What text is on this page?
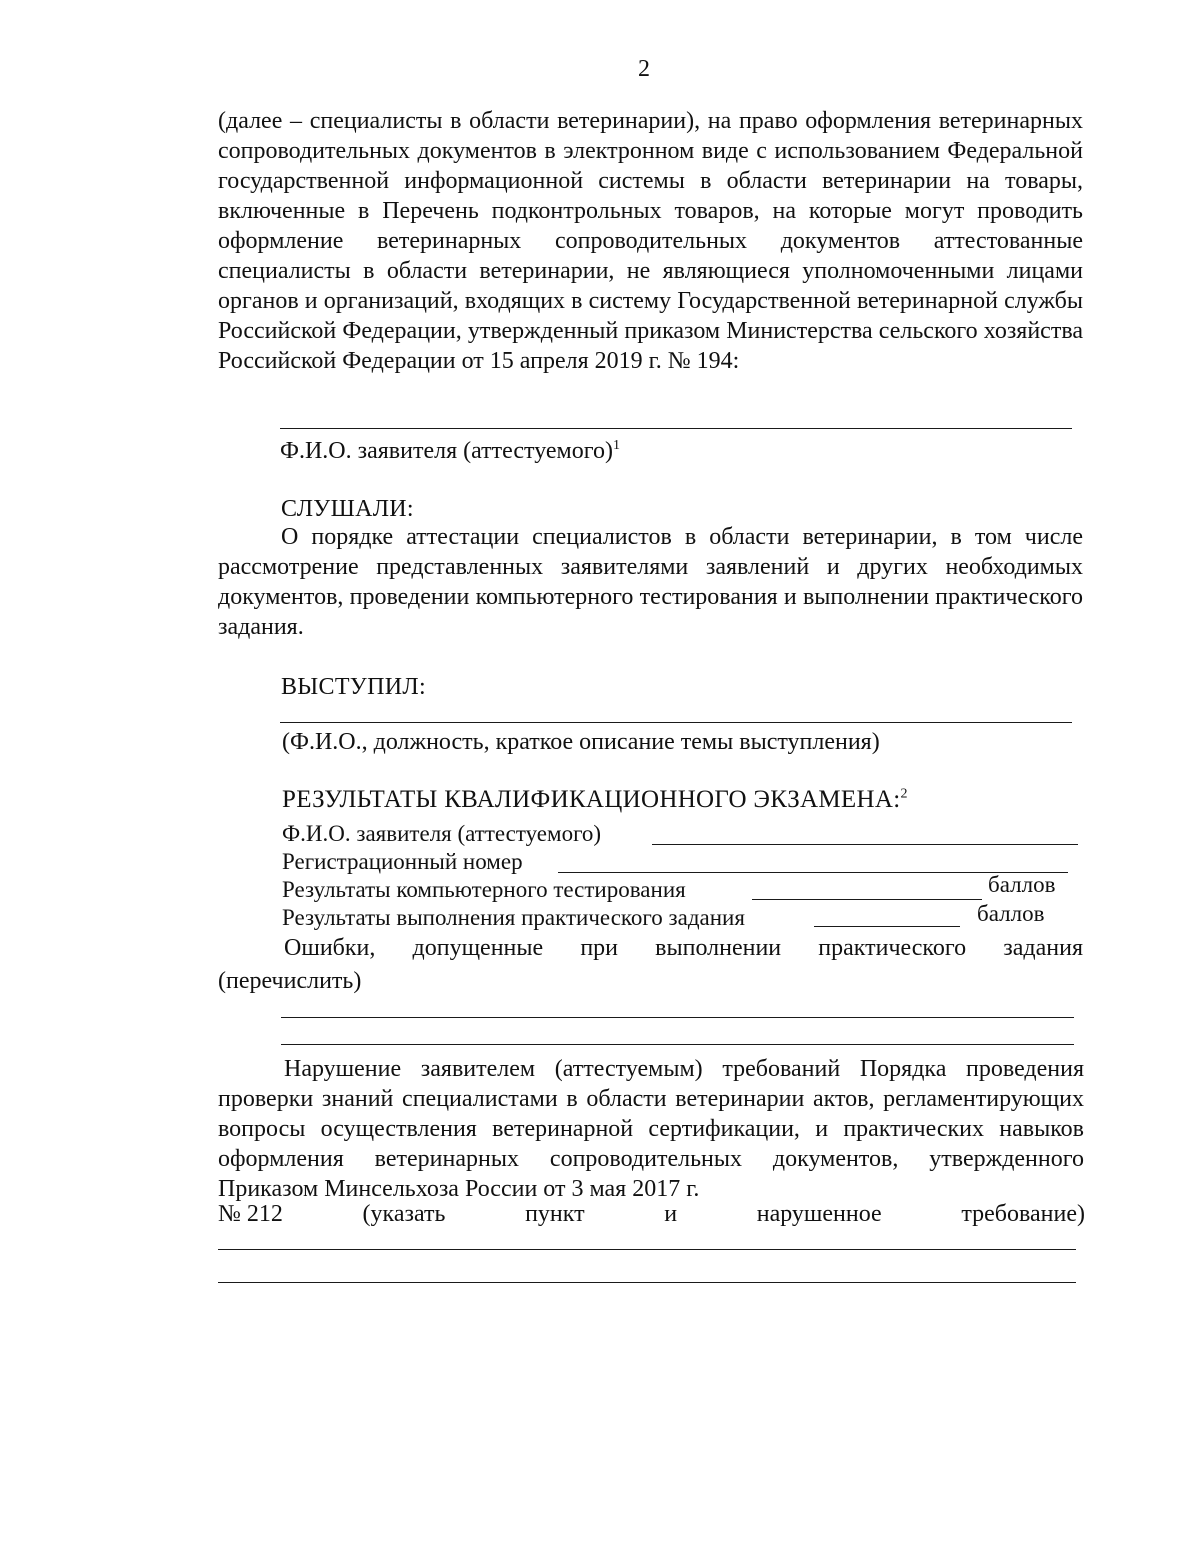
2
(далее – специалисты в области ветеринарии), на право оформления ветеринарных сопроводительных документов в электронном виде с использованием Федеральной государственной информационной системы в области ветеринарии на товары, включенные в Перечень подконтрольных товаров, на которые могут проводить оформление ветеринарных сопроводительных документов аттестованные специалисты в области ветеринарии, не являющиеся уполномоченными лицами органов и организаций, входящих в систему Государственной ветеринарной службы Российской Федерации, утвержденный приказом Министерства сельского хозяйства Российской Федерации от 15 апреля 2019 г. № 194:
Ф.И.О. заявителя (аттестуемого)$^1$
СЛУШАЛИ:
О порядке аттестации специалистов в области ветеринарии, в том числе рассмотрение представленных заявителями заявлений и других необходимых документов, проведении компьютерного тестирования и выполнении практического задания.
ВЫСТУПИЛ:
(Ф.И.О., должность, краткое описание темы выступления)
РЕЗУЛЬТАТЫ КВАЛИФИКАЦИОННОГО ЭКЗАМЕНА:$^2$
Ф.И.О. заявителя (аттестуемого)
Регистрационный номер
Результаты компьютерного тестирования	баллов
Результаты выполнения практического задания	баллов
Ошибки, допущенные при выполнении практического задания
(перечислить)
Нарушение заявителем (аттестуемым) требований Порядка проведения проверки знаний специалистами в области ветеринарии актов, регламентирующих вопросы осуществления ветеринарной сертификации, и практических навыков оформления ветеринарных сопроводительных документов, утвержденного Приказом Минсельхоза России от 3 мая 2017 г.
№ 212	(указать	пункт	и	нарушенное	требование)
